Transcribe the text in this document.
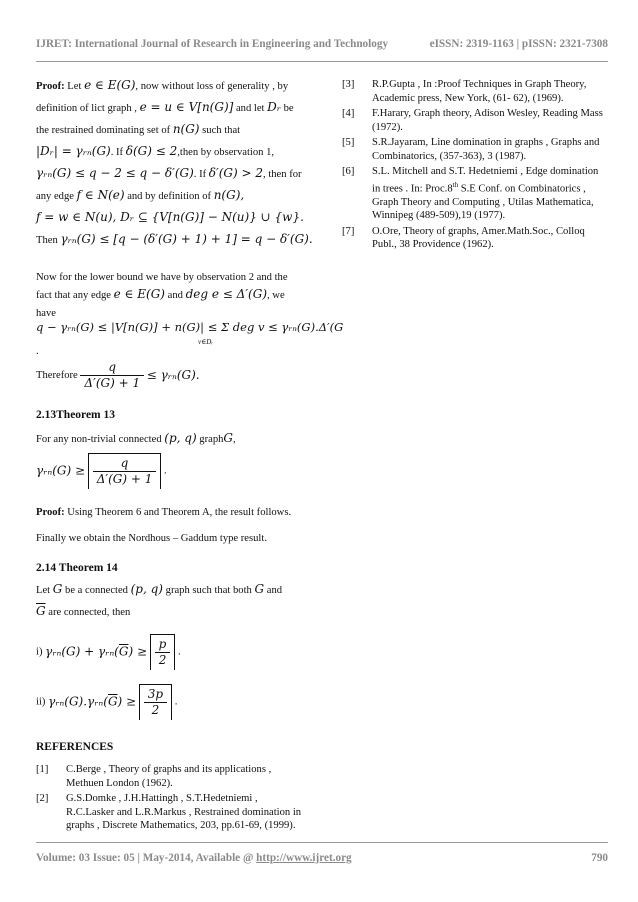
IJRET: International Journal of Research in Engineering and Technology	eISSN: 2319-1163 | pISSN: 2321-7308
Proof: Let e ∈ E(G), now without loss of generality , by
definition of lict graph , e = u ∈ V[n(G)] and let Dᵣ be
the restrained dominating set of n(G) such that
|Dᵣ| = γᵣₙ(G). If δ(G) ≤ 2,then by observation 1,
γᵣₙ(G) ≤ q − 2 ≤ q − δ′(G). If δ′(G) > 2, then for
any edge f ∈ N(e) and by definition of n(G),
f = w ∈ N(u), Dᵣ ⊆ {V[n(G)] − N(u)} ∪ {w}.
Then γᵣₙ(G) ≤ [q − (δ′(G) + 1) + 1] = q − δ′(G).
Now for the lower bound we have by observation 2 and the
fact that any edge e ∈ E(G) and deg e ≤ Δ′(G), we
have
q − γᵣₙ(G) ≤ |V[n(G)] + n(G)| ≤ Σ deg v ≤ γᵣₙ(G).Δ′(G
v∈Dᵣ
.
Therefore $\frac{q}{\Delta'(G) + 1}$ ≤ γᵣₙ(G).

2.13Theorem 13

For any non-trivial connected (p, q) graphG,
γᵣₙ(G) ≥ $\frac{q}{\Delta'(G) + 1}$ .
Proof: Using Theorem 6 and Theorem A, the result follows.
Finally we obtain the Nordhous – Gaddum type result.

2.14 Theorem 14

Let G be a connected (p, q) graph such that both G and
$\overline{G}$ are connected, then
i) γᵣₙ(G) + $\gamma ᵣ_n(\overline{G}) \ge \frac{p}{2}$ .
ii) $\gamma ᵣ_n(G).\gamma ᵣ_n(\overline{G}) \ge \frac{3p}{2}$ .

REFERENCES

[1] C.Berge , Theory of graphs and its applications , Methuen London (1962).

[2] G.S.Domke , J.H.Hattingh , S.T.Hedetniemi , R.C.Lasker and L.R.Markus , Restrained domination in graphs , Discrete Mathematics, 203, pp.61-69, (1999).

[3] R.P.Gupta , In :Proof Techniques in Graph Theory, Academic press, New York, (61- 62), (1969).

[4] F.Harary, Graph theory, Adison Wesley, Reading Mass (1972).

[5] S.R.Jayaram, Line domination in graphs , Graphs and Combinatorics, (357-363), 3 (1987).

[6] S.L. Mitchell and S.T. Hedetniemi , Edge domination in trees . In: Proc.8th S.E Conf. on Combinatorics , Graph Theory and Computing , Utilas Mathematica, Winnipeg (489-509),19 (1977).

[7] O.Ore, Theory of graphs, Amer.Math.Soc., Colloq Publ., 38 Providence (1962).

Volume: 03 Issue: 05 | May-2014, Available @ http://www.ijret.org	790
